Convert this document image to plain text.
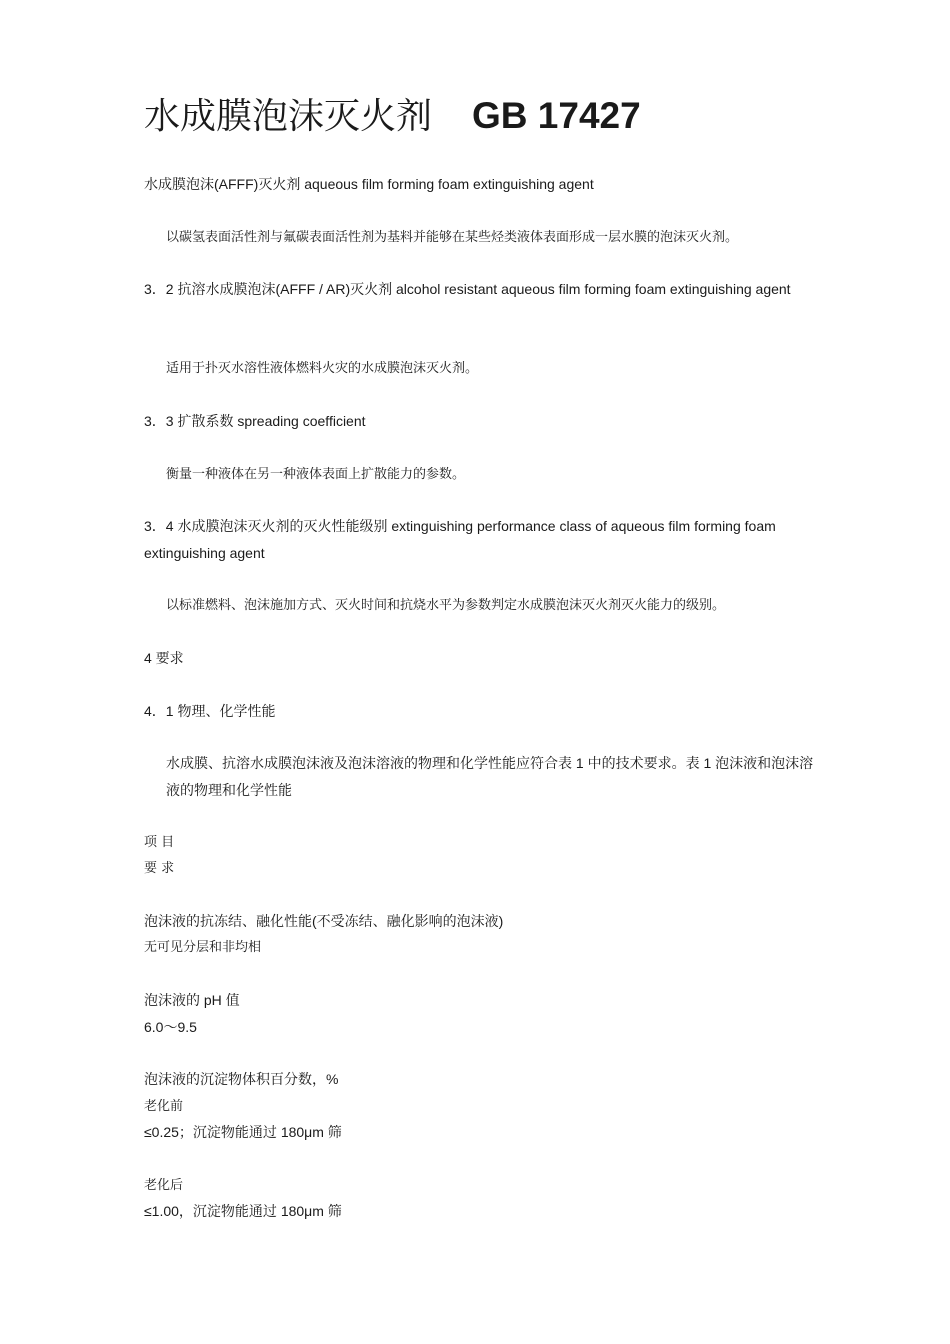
水成膜泡沫灭火剂 GB 17427
水成膜泡沫(AFFF)灭火剂 aqueous film forming foam extinguishing agent
以碳氢表面活性剂与氟碳表面活性剂为基料并能够在某些烃类液体表面形成一层水膜的泡沫灭火剂。
3．2 抗溶水成膜泡沫(AFFF / AR)灭火剂 alcohol resistant aqueous film forming foam extinguishing agent
适用于扑灭水溶性液体燃料火灾的水成膜泡沫灭火剂。
3．3 扩散系数 spreading coefficient
衡量一种液体在另一种液体表面上扩散能力的参数。
3．4 水成膜泡沫灭火剂的灭火性能级别 extinguishing performance class of aqueous film forming foam extinguishing agent
以标准燃料、泡沫施加方式、灭火时间和抗烧水平为参数判定水成膜泡沫灭火剂灭火能力的级别。
4 要求
4．1 物理、化学性能
水成膜、抗溶水成膜泡沫液及泡沫溶液的物理和化学性能应符合表 1 中的技术要求。表 1 泡沫液和泡沫溶液的物理和化学性能
项 目
要 求
泡沫液的抗冻结、融化性能(不受冻结、融化影响的泡沫液)
无可见分层和非均相
泡沫液的 pH 值
6.0～9.5
泡沫液的沉淀物体积百分数，%
老化前
≤0.25；沉淀物能通过 180μm 筛
老化后
≤1.00，沉淀物能通过 180μm 筛
